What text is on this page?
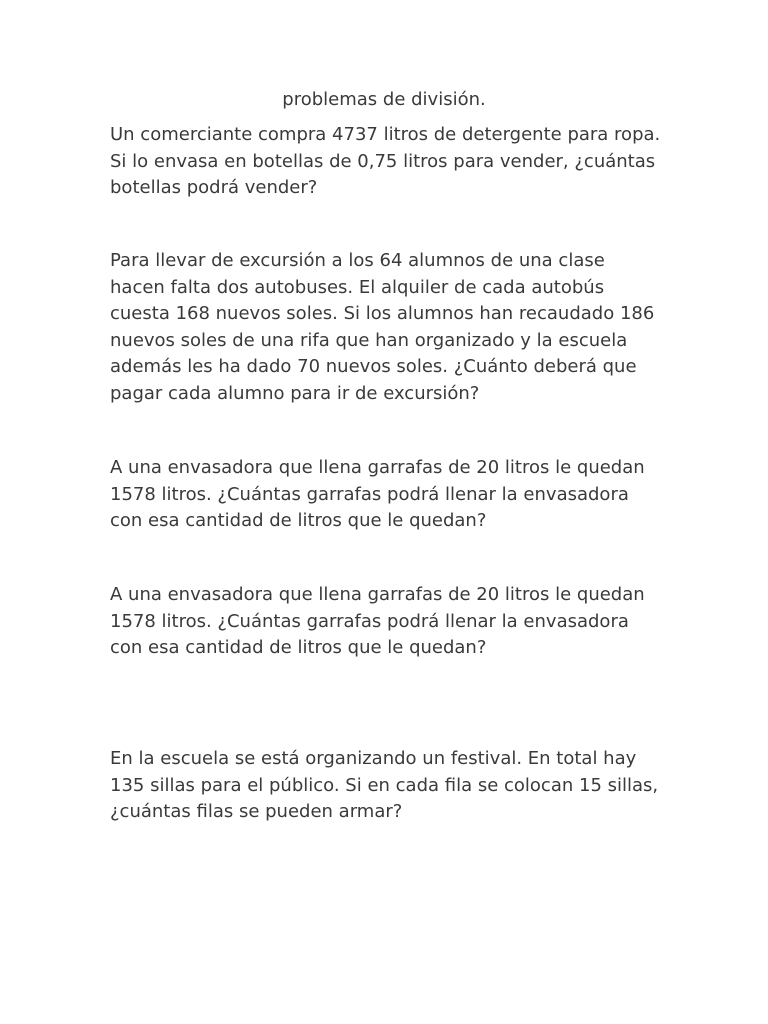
problemas de división.

Un comerciante compra 4737 litros de detergente para ropa.
Si lo envasa en botellas de 0,75 litros para vender, ¿cuántas
botellas podrá vender?

Para llevar de excursión a los 64 alumnos de una clase
hacen falta dos autobuses. El alquiler de cada autobús
cuesta 168 nuevos soles. Si los alumnos han recaudado 186
nuevos soles de una rifa que han organizado y la escuela
además les ha dado 70 nuevos soles. ¿Cuánto deberá que
pagar cada alumno para ir de excursión?

A una envasadora que llena garrafas de 20 litros le quedan
1578 litros. ¿Cuántas garrafas podrá llenar la envasadora
con esa cantidad de litros que le quedan?

A una envasadora que llena garrafas de 20 litros le quedan
1578 litros. ¿Cuántas garrafas podrá llenar la envasadora
con esa cantidad de litros que le quedan?

En la escuela se está organizando un festival. En total hay
135 sillas para el público. Si en cada fila se colocan 15 sillas,
¿cuántas filas se pueden armar?
